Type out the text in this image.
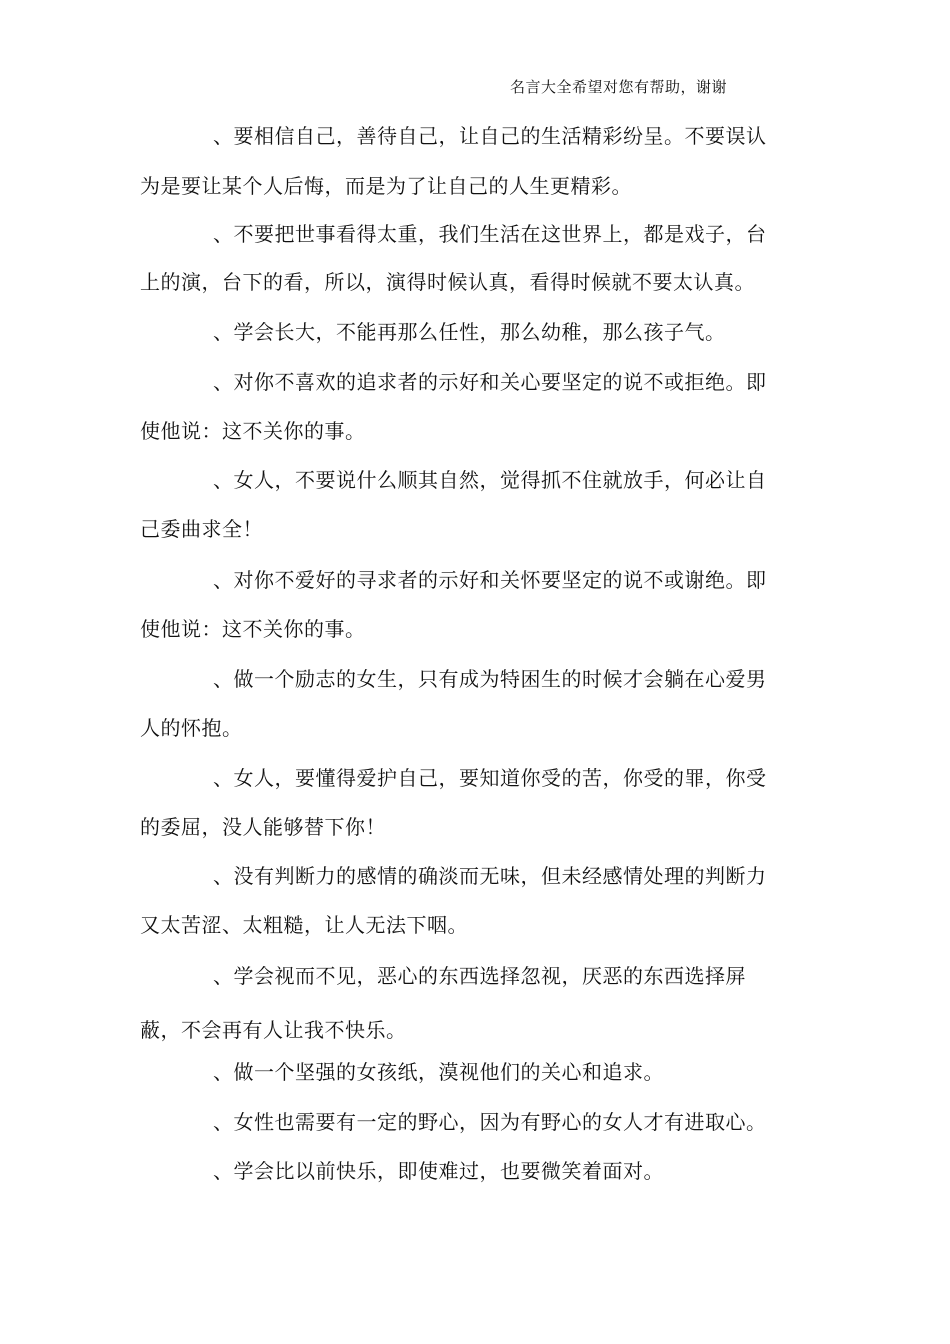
名言大全希望对您有帮助，谢谢
、要相信自己，善待自己，让自己的生活精彩纷呈。不要误认
为是要让某个人后悔，而是为了让自己的人生更精彩。
、不要把世事看得太重，我们生活在这世界上，都是戏子，台
上的演，台下的看，所以，演得时候认真，看得时候就不要太认真。
、学会长大，不能再那么任性，那么幼稚，那么孩子气。
、对你不喜欢的追求者的示好和关心要坚定的说不或拒绝。即
使他说：这不关你的事。
、女人，不要说什么顺其自然，觉得抓不住就放手，何必让自
己委曲求全！
、对你不爱好的寻求者的示好和关怀要坚定的说不或谢绝。即
使他说：这不关你的事。
、做一个励志的女生，只有成为特困生的时候才会躺在心爱男
人的怀抱。
、女人，要懂得爱护自己，要知道你受的苦，你受的罪，你受
的委屈，没人能够替下你！
、没有判断力的感情的确淡而无味，但未经感情处理的判断力
又太苦涩、太粗糙，让人无法下咽。
、学会视而不见，恶心的东西选择忽视，厌恶的东西选择屏
蔽，不会再有人让我不快乐。
、做一个坚强的女孩纸，漠视他们的关心和追求。
、女性也需要有一定的野心，因为有野心的女人才有进取心。
、学会比以前快乐，即使难过，也要微笑着面对。
